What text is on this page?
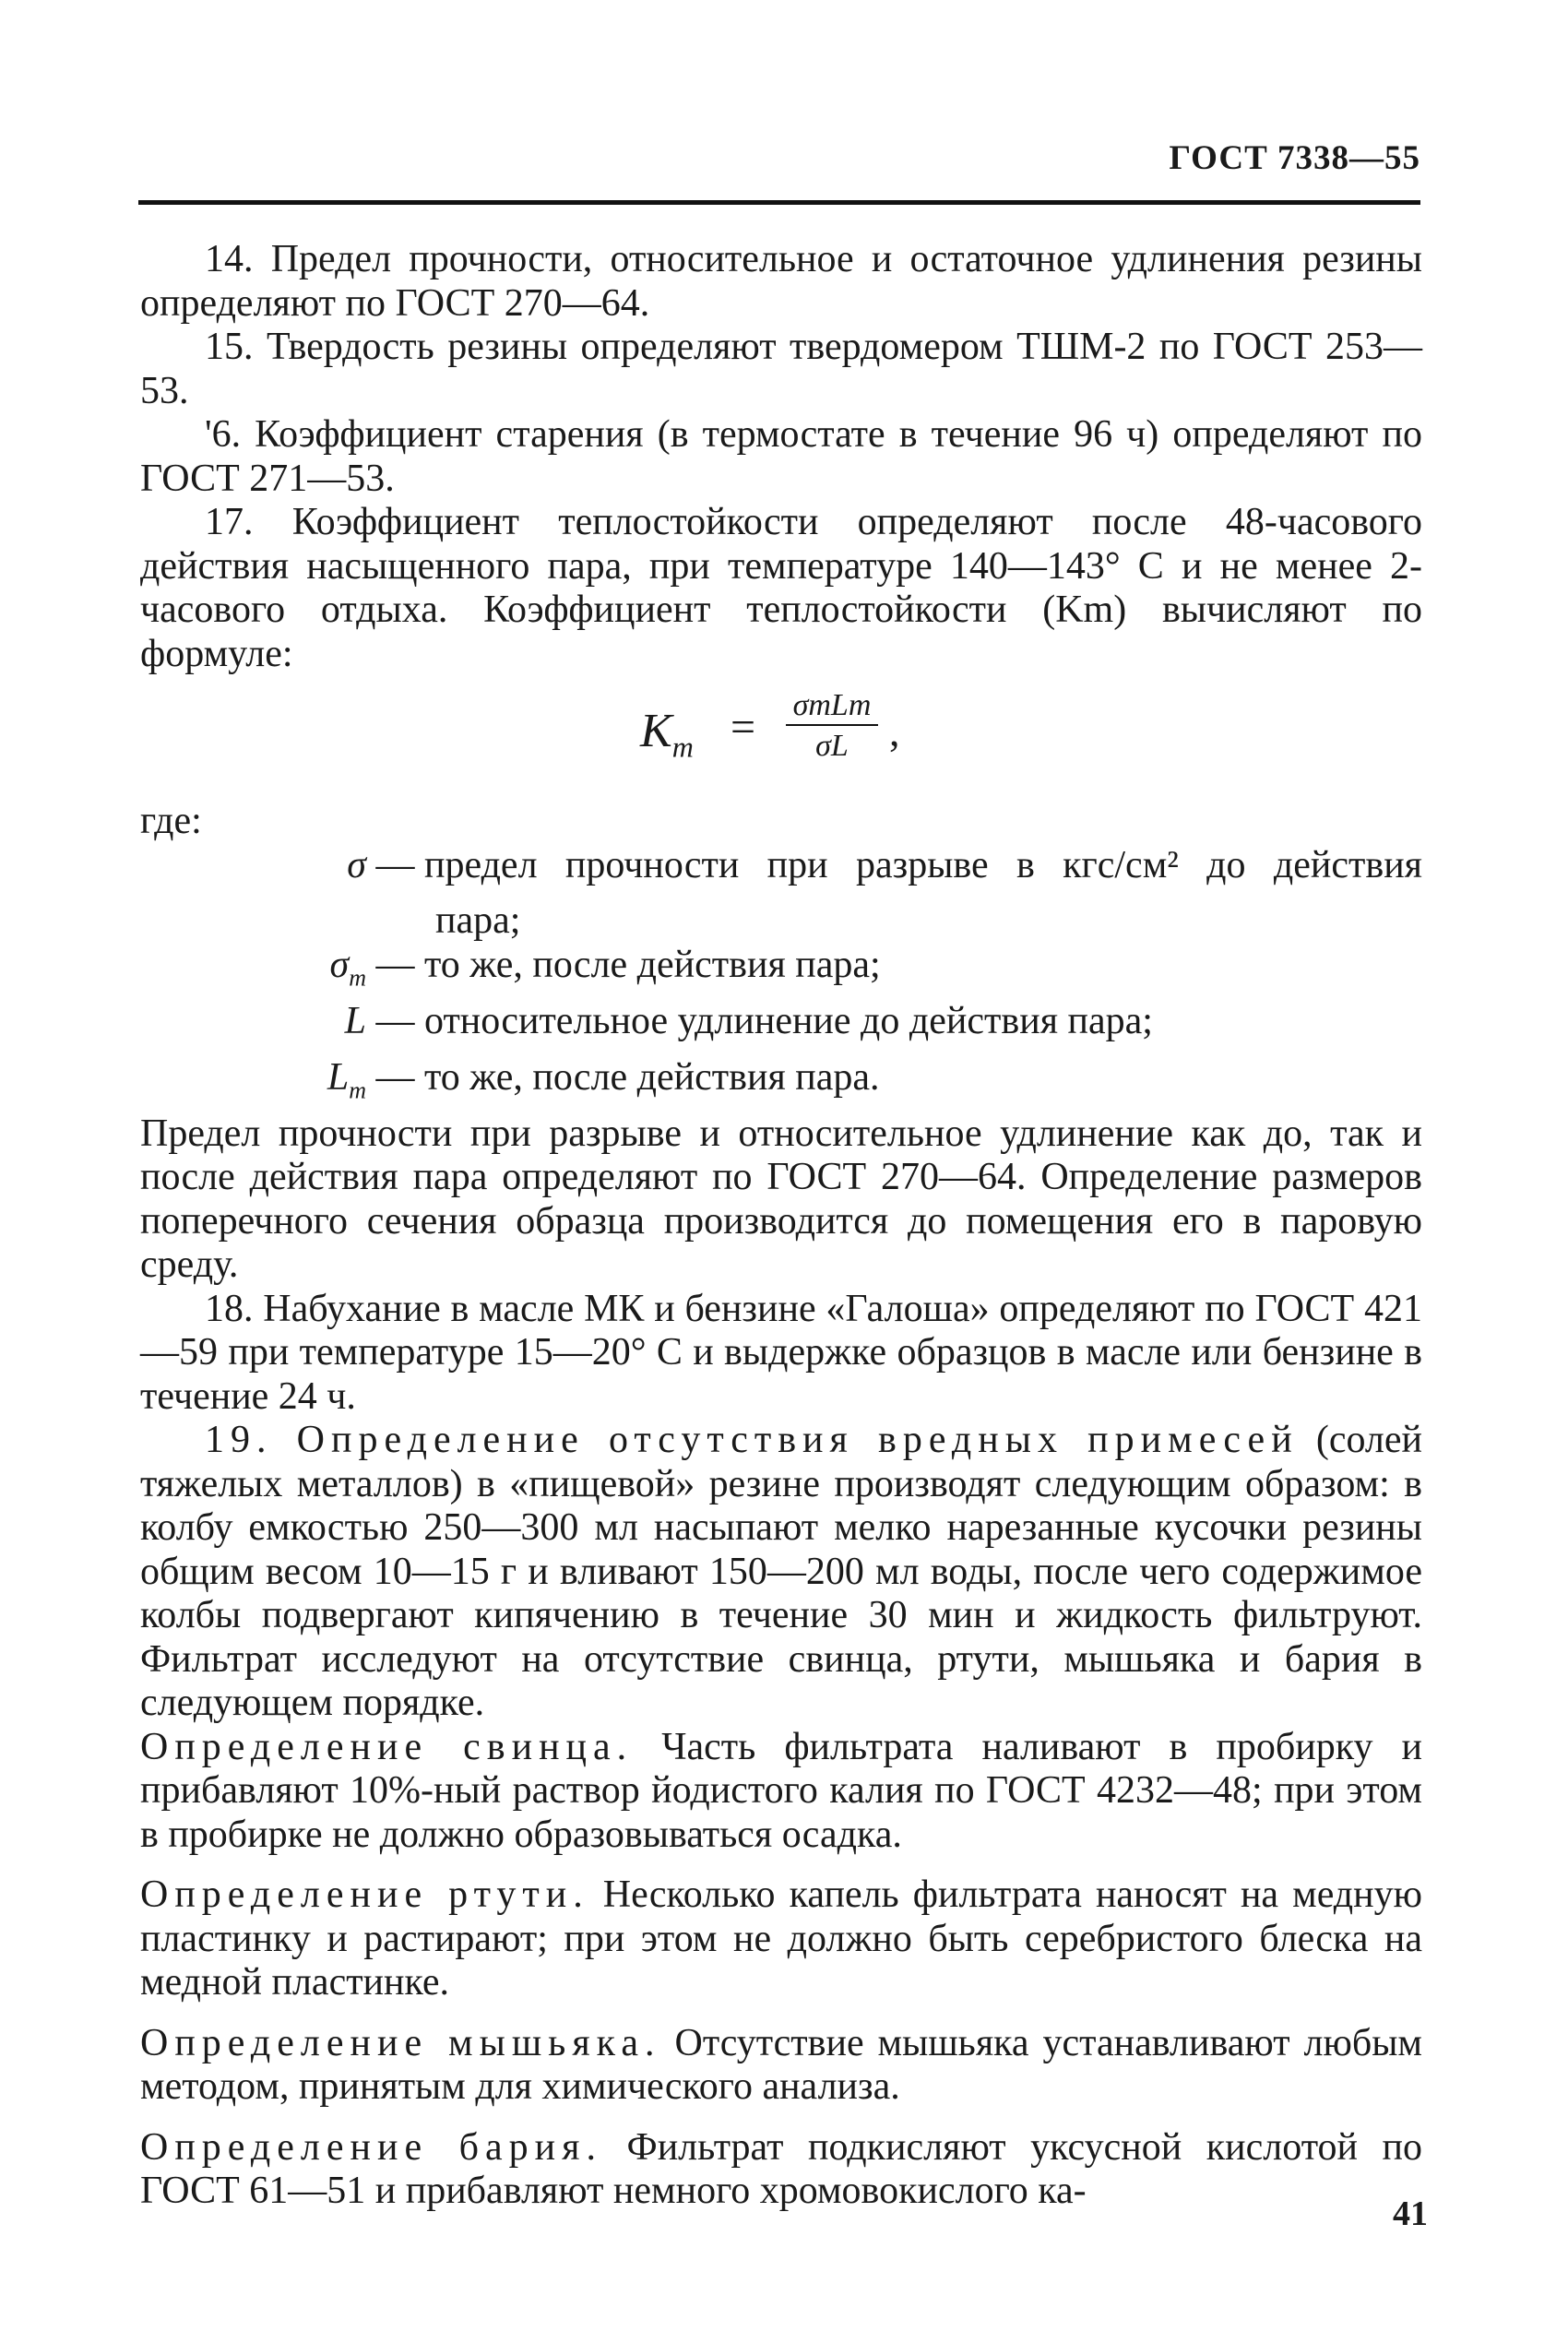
ГОСТ 7338—55

14. Предел прочности, относительное и остаточное удлинения резины определяют по ГОСТ 270—64.

15. Твердость резины определяют твердомером ТШМ-2 по ГОСТ 253—53.

'6. Коэффициент старения (в термостате в течение 96 ч) определяют по ГОСТ 271—53.

17. Коэффициент теплостойкости определяют после 48-часового действия насыщенного пара, при температуре 140—143° С и не менее 2-часового отдыха. Коэффициент теплостойкости (Km) вычисляют по формуле:

$K_m = \sigma mLm$
σL ,

где:

σ — предел прочности при разрыве в кгс/см² до действия
пара;
$\sigma_m$ — то же, после действия пара;
L — относительное удлинение до действия пара;
$L_m$ — то же, после действия пара.

Предел прочности при разрыве и относительное удлинение как до, так и после действия пара определяют по ГОСТ 270—64. Определение размеров поперечного сечения образца производится до помещения его в паровую среду.

18. Набухание в масле МК и бензине «Галоша» определяют по ГОСТ 421—59 при температуре 15—20° С и выдержке образцов в масле или бензине в течение 24 ч.

19. Определение отсутствия вредных примесей (солей тяжелых металлов) в «пищевой» резине производят следующим образом: в колбу емкостью 250—300 мл насыпают мелко нарезанные кусочки резины общим весом 10—15 г и вливают 150—200 мл воды, после чего содержимое колбы подвергают кипячению в течение 30 мин и жидкость фильтруют. Фильтрат исследуют на отсутствие свинца, ртути, мышьяка и бария в следующем порядке.

Определение свинца. Часть фильтрата наливают в пробирку и прибавляют 10%-ный раствор йодистого калия по ГОСТ 4232—48; при этом в пробирке не должно образовываться осадка.

Определение ртути. Несколько капель фильтрата наносят на медную пластинку и растирают; при этом не должно быть серебристого блеска на медной пластинке.

Определение мышьяка. Отсутствие мышьяка устанавливают любым методом, принятым для химического анализа.

Определение бария. Фильтрат подкисляют уксусной кислотой по ГОСТ 61—51 и прибавляют немного хромовокислого ка-

41
